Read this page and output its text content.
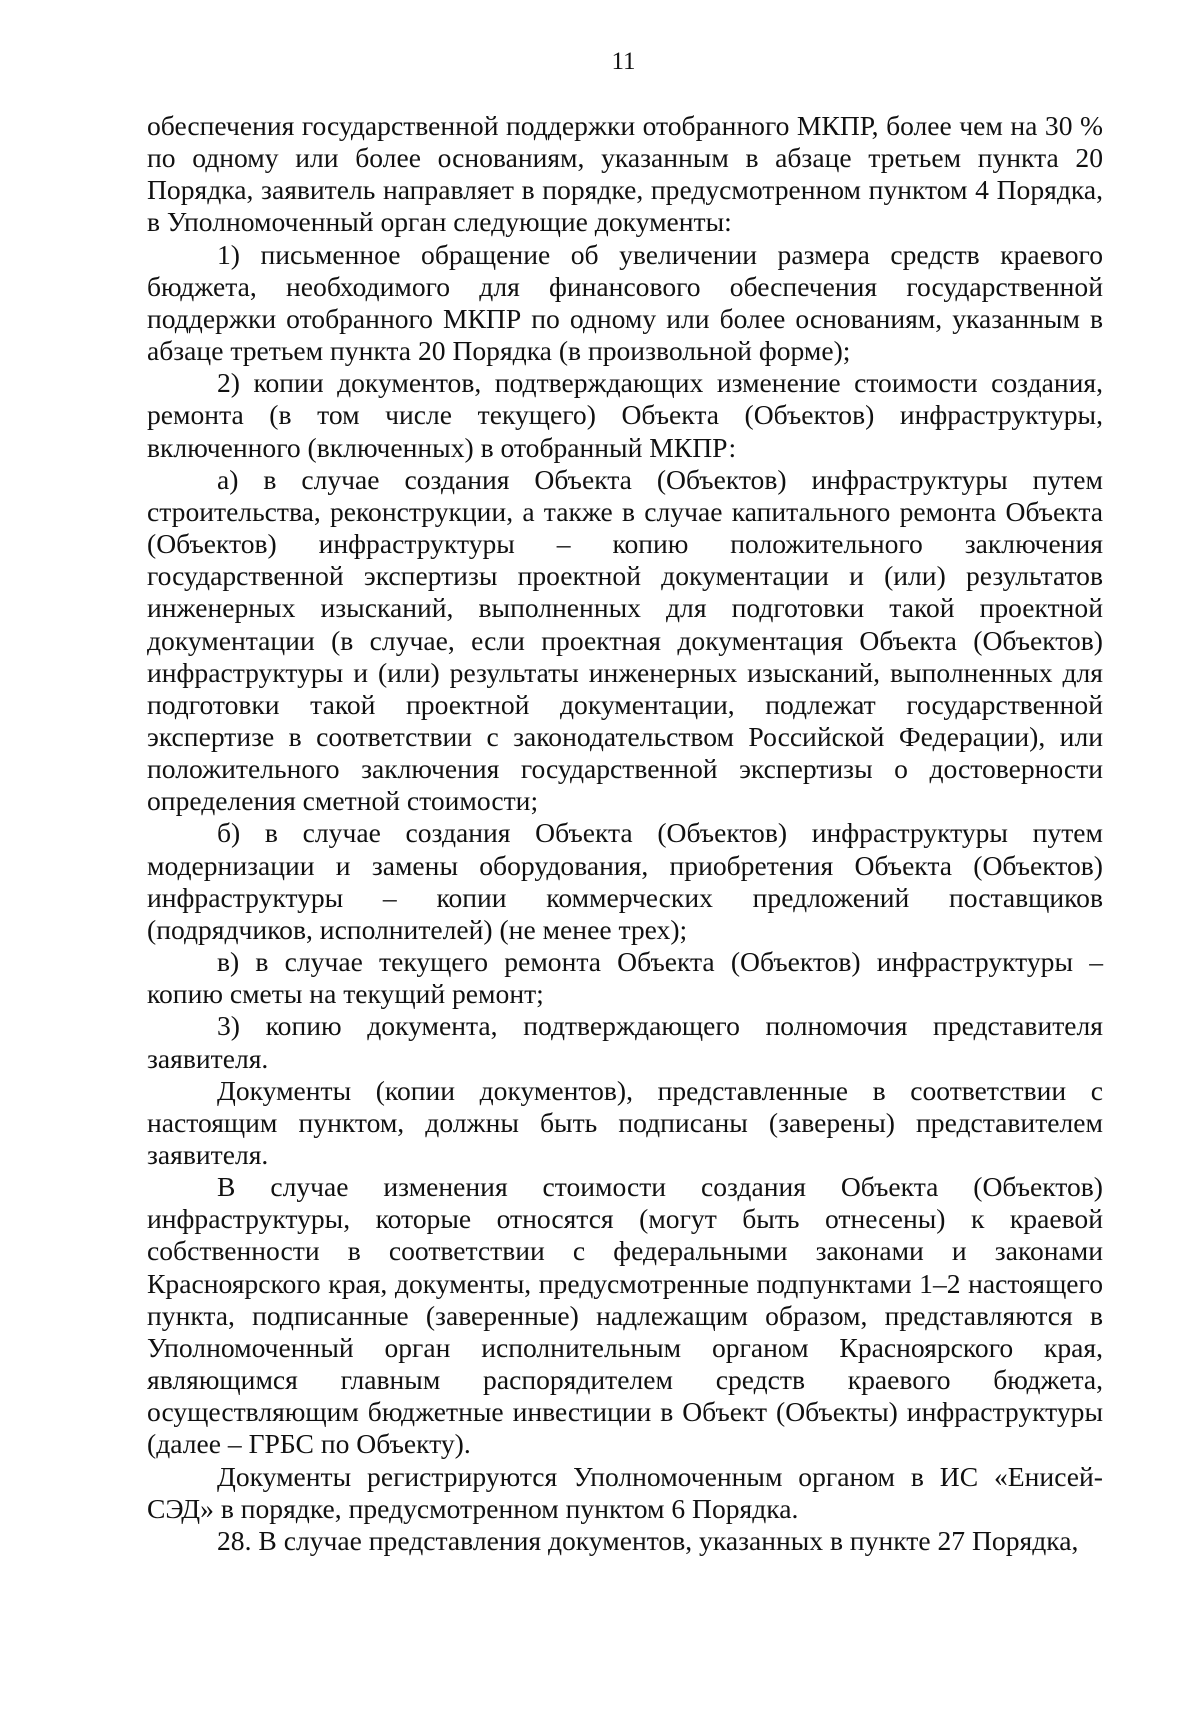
11

обеспечения государственной поддержки отобранного МКПР, более чем на 30 % по одному или более основаниям, указанным в абзаце третьем пункта 20 Порядка, заявитель направляет в порядке, предусмотренном пунктом 4 Порядка, в Уполномоченный орган следующие документы:

1) письменное обращение об увеличении размера средств краевого бюджета, необходимого для финансового обеспечения государственной поддержки отобранного МКПР по одному или более основаниям, указанным в абзаце третьем пункта 20 Порядка (в произвольной форме);

2) копии документов, подтверждающих изменение стоимости создания, ремонта (в том числе текущего) Объекта (Объектов) инфраструктуры, включенного (включенных) в отобранный МКПР:

а) в случае создания Объекта (Объектов) инфраструктуры путем строительства, реконструкции, а также в случае капитального ремонта Объекта (Объектов) инфраструктуры – копию положительного заключения государственной экспертизы проектной документации и (или) результатов инженерных изысканий, выполненных для подготовки такой проектной документации (в случае, если проектная документация Объекта (Объектов) инфраструктуры и (или) результаты инженерных изысканий, выполненных для подготовки такой проектной документации, подлежат государственной экспертизе в соответствии с законодательством Российской Федерации), или положительного заключения государственной экспертизы о достоверности определения сметной стоимости;

б) в случае создания Объекта (Объектов) инфраструктуры путем модернизации и замены оборудования, приобретения Объекта (Объектов) инфраструктуры – копии коммерческих предложений поставщиков (подрядчиков, исполнителей) (не менее трех);

в) в случае текущего ремонта Объекта (Объектов) инфраструктуры – копию сметы на текущий ремонт;

3) копию документа, подтверждающего полномочия представителя заявителя.

Документы (копии документов), представленные в соответствии с настоящим пунктом, должны быть подписаны (заверены) представителем заявителя.

В случае изменения стоимости создания Объекта (Объектов) инфраструктуры, которые относятся (могут быть отнесены) к краевой собственности в соответствии с федеральными законами и законами Красноярского края, документы, предусмотренные подпунктами 1–2 настоящего пункта, подписанные (заверенные) надлежащим образом, представляются в Уполномоченный орган исполнительным органом Красноярского края, являющимся главным распорядителем средств краевого бюджета, осуществляющим бюджетные инвестиции в Объект (Объекты) инфраструктуры (далее – ГРБС по Объекту).

Документы регистрируются Уполномоченным органом в ИС «Енисей-СЭД» в порядке, предусмотренном пунктом 6 Порядка.

28. В случае представления документов, указанных в пункте 27 Порядка,
